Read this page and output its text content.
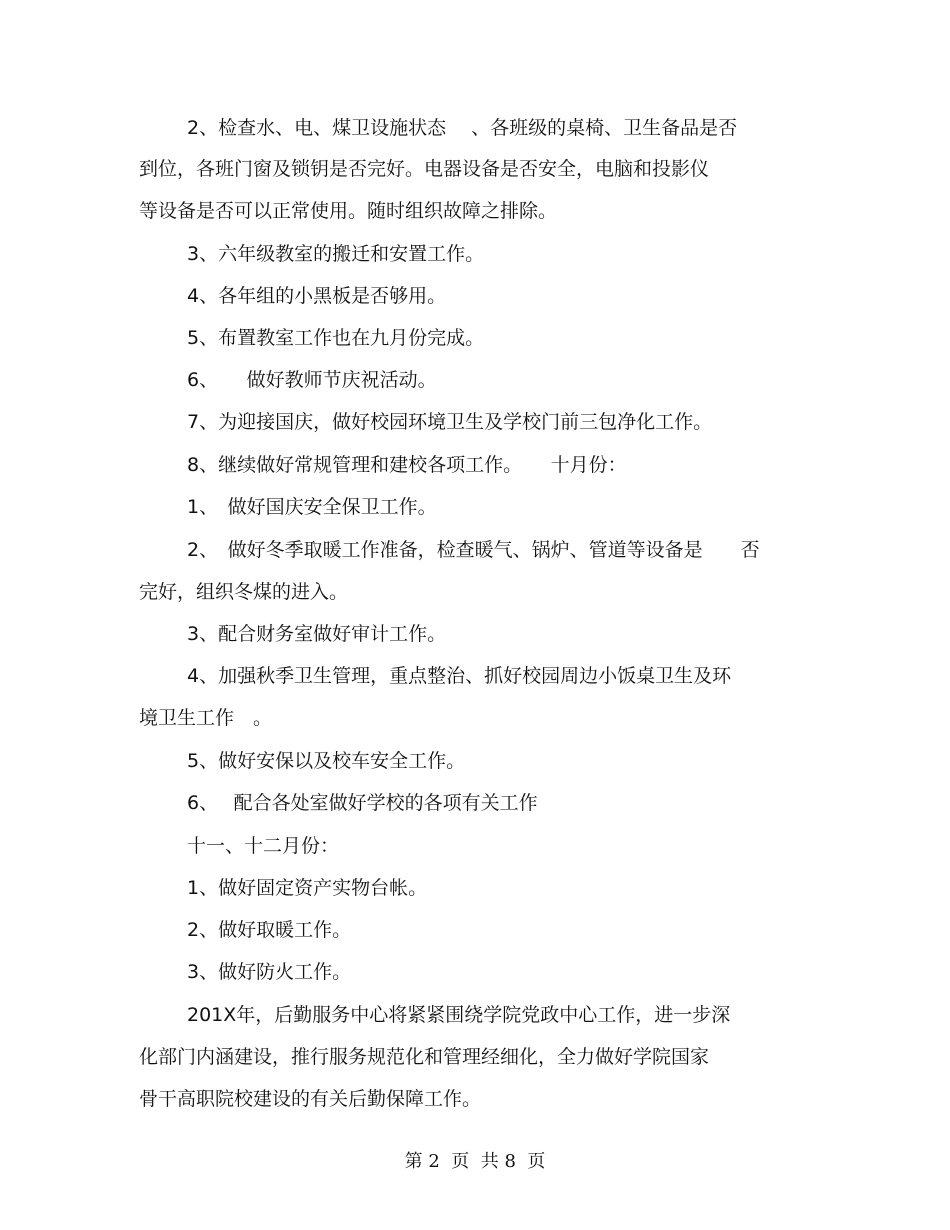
2、检查水、电、煤卫设施状态　 、各班级的桌椅、卫生备品是否
到位，各班门窗及锁钥是否完好。电器设备是否安全，电脑和投影仪
等设备是否可以正常使用。随时组织故障之排除。
3、六年级教室的搬迁和安置工作。
4、各年组的小黑板是否够用。
5、布置教室工作也在九月份完成。
6、　　做好教师节庆祝活动。
7、为迎接国庆，做好校园环境卫生及学校门前三包净化工作。
8、继续做好常规管理和建校各项工作。　　十月份：
1、　做好国庆安全保卫工作。
2、　做好冬季取暖工作准备，检查暖气、锅炉、管道等设备是　　否
完好，组织冬煤的进入。
3、配合财务室做好审计工作。
4、加强秋季卫生管理，重点整治、抓好校园周边小饭桌卫生及环
境卫生工作　。
5、做好安保以及校车安全工作。
6、　 配合各处室做好学校的各项有关工作
十一、十二月份：
1、做好固定资产实物台帐。
2、做好取暖工作。
3、做好防火工作。
201X年，后勤服务中心将紧紧围绕学院党政中心工作，进一步深
化部门内涵建设，推行服务规范化和管理经细化，全力做好学院国家
骨干高职院校建设的有关后勤保障工作。
第 2  页  共 8  页
